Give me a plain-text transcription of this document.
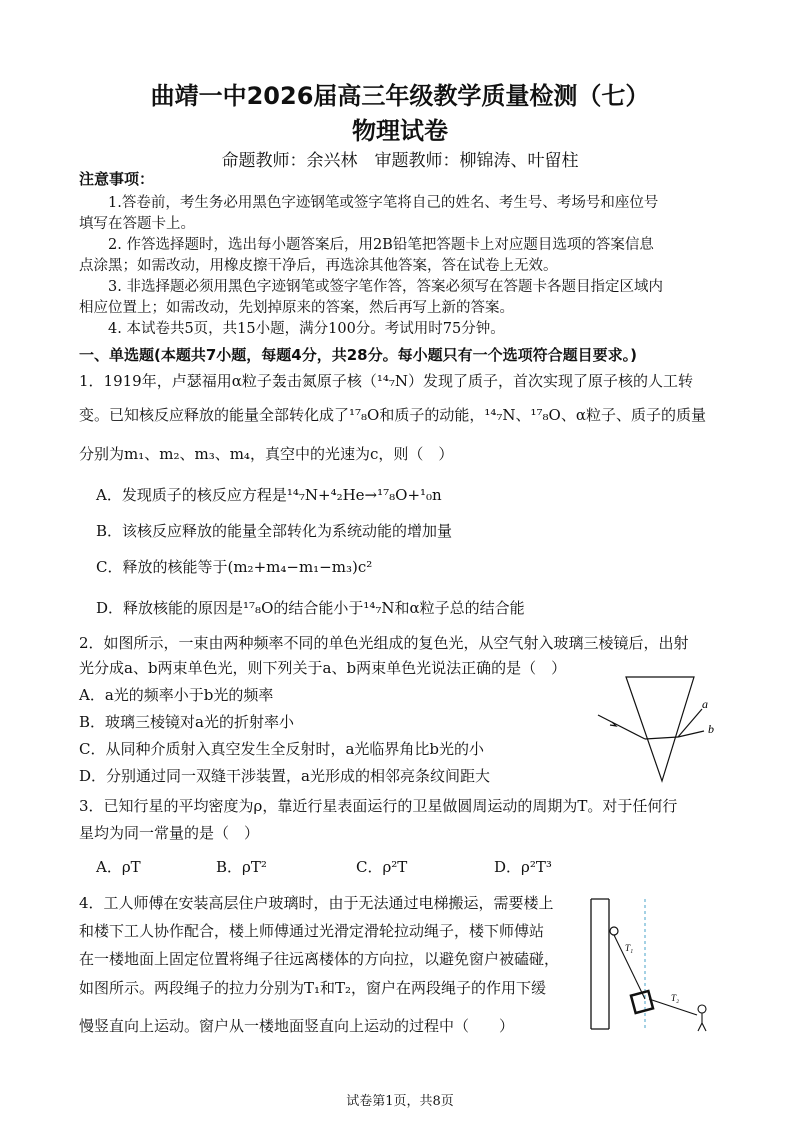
曲靖一中2026届高三年级教学质量检测（七）
物理试卷
命题教师：余兴林　审题教师：柳锦涛、叶留柱
注意事项：
1.答卷前，考生务必用黑色字迹钢笔或签字笔将自己的姓名、考生号、考场号和座位号
填写在答题卡上。
2. 作答选择题时，选出每小题答案后，用2B铅笔把答题卡上对应题目选项的答案信息
点涂黑；如需改动，用橡皮擦干净后，再选涂其他答案，答在试卷上无效。
3. 非选择题必须用黑色字迹钢笔或签字笔作答，答案必须写在答题卡各题目指定区域内
相应位置上；如需改动，先划掉原来的答案，然后再写上新的答案。
4. 本试卷共5页，共15小题，满分100分。考试用时75分钟。
一、单选题(本题共7小题，每题4分，共28分。每小题只有一个选项符合题目要求。)
1．1919年，卢瑟福用α粒子轰击氮原子核（¹⁴₇N）发现了质子，首次实现了原子核的人工转
变。已知核反应释放的能量全部转化成了¹⁷₈O和质子的动能，¹⁴₇N、¹⁷₈O、α粒子、质子的质量
分别为m₁、m₂、m₃、m₄，真空中的光速为c，则（　）
A．发现质子的核反应方程是¹⁴₇N+⁴₂He→¹⁷₈O+¹₀n
B．该核反应释放的能量全部转化为系统动能的增加量
C．释放的核能等于(m₂+m₄−m₁−m₃)c²
D．释放核能的原因是¹⁷₈O的结合能小于¹⁴₇N和α粒子总的结合能
2．如图所示，一束由两种频率不同的单色光组成的复色光，从空气射入玻璃三棱镜后，出射
光分成a、b两束单色光，则下列关于a、b两束单色光说法正确的是（　）
A．a光的频率小于b光的频率
B．玻璃三棱镜对a光的折射率小
C．从同种介质射入真空发生全反射时，a光临界角比b光的小
D．分别通过同一双缝干涉装置，a光形成的相邻亮条纹间距大
a
b
3．已知行星的平均密度为ρ，靠近行星表面运行的卫星做圆周运动的周期为T。对于任何行
星均为同一常量的是（　）
A．ρT	B．ρT²	C．ρ²T	D．ρ²T³
4．工人师傅在安装高层住户玻璃时，由于无法通过电梯搬运，需要楼上
和楼下工人协作配合，楼上师傅通过光滑定滑轮拉动绳子，楼下师傅站
在一楼地面上固定位置将绳子往远离楼体的方向拉，以避免窗户被磕碰，
如图所示。两段绳子的拉力分别为T₁和T₂，窗户在两段绳子的作用下缓
慢竖直向上运动。窗户从一楼地面竖直向上运动的过程中（　　）
T₁
T₂
试卷第1页，共8页
